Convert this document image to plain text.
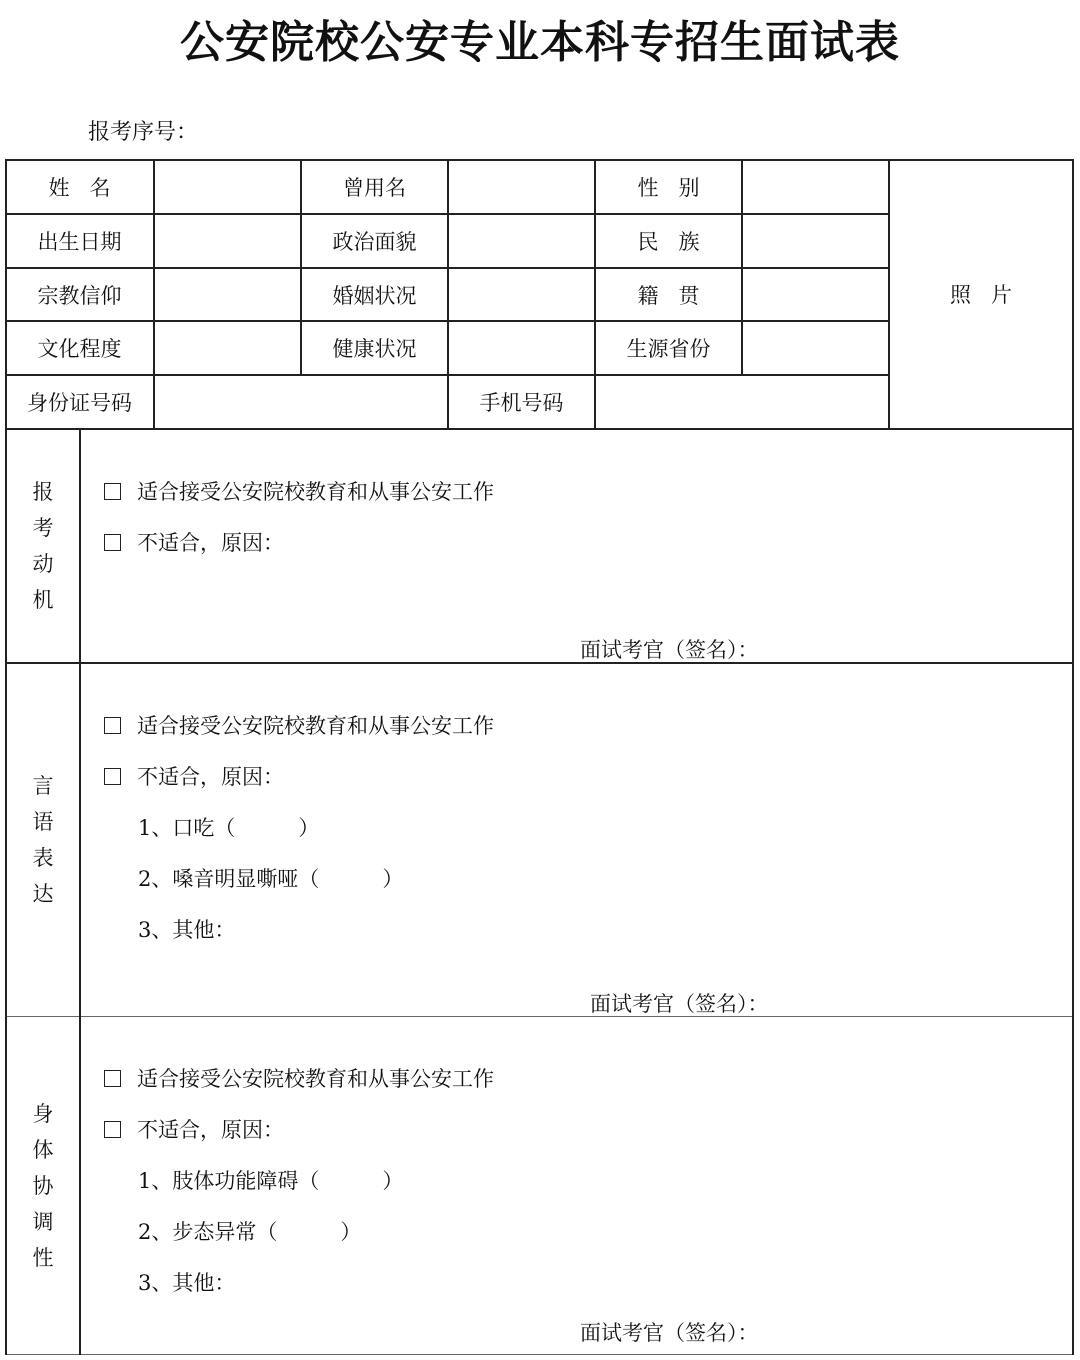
公安院校公安专业本科专招生面试表
报考序号：
姓名	曾用名	性别
出生日期	政治面貌	民族
宗教信仰	婚姻状况	籍贯
文化程度	健康状况	生源省份
身份证号码	手机号码
照片
报
考
动
机
适合接受公安院校教育和从事公安工作
不适合，原因：
面试考官（签名）：
言
语
表
达
适合接受公安院校教育和从事公安工作
不适合，原因：
1、口吃（　　　）
2、嗓音明显嘶哑（　　　）
3、其他：
面试考官（签名）：
身
体
协
调
性
适合接受公安院校教育和从事公安工作
不适合，原因：
1、肢体功能障碍（　　　）
2、步态异常（　　　）
3、其他：
面试考官（签名）：
